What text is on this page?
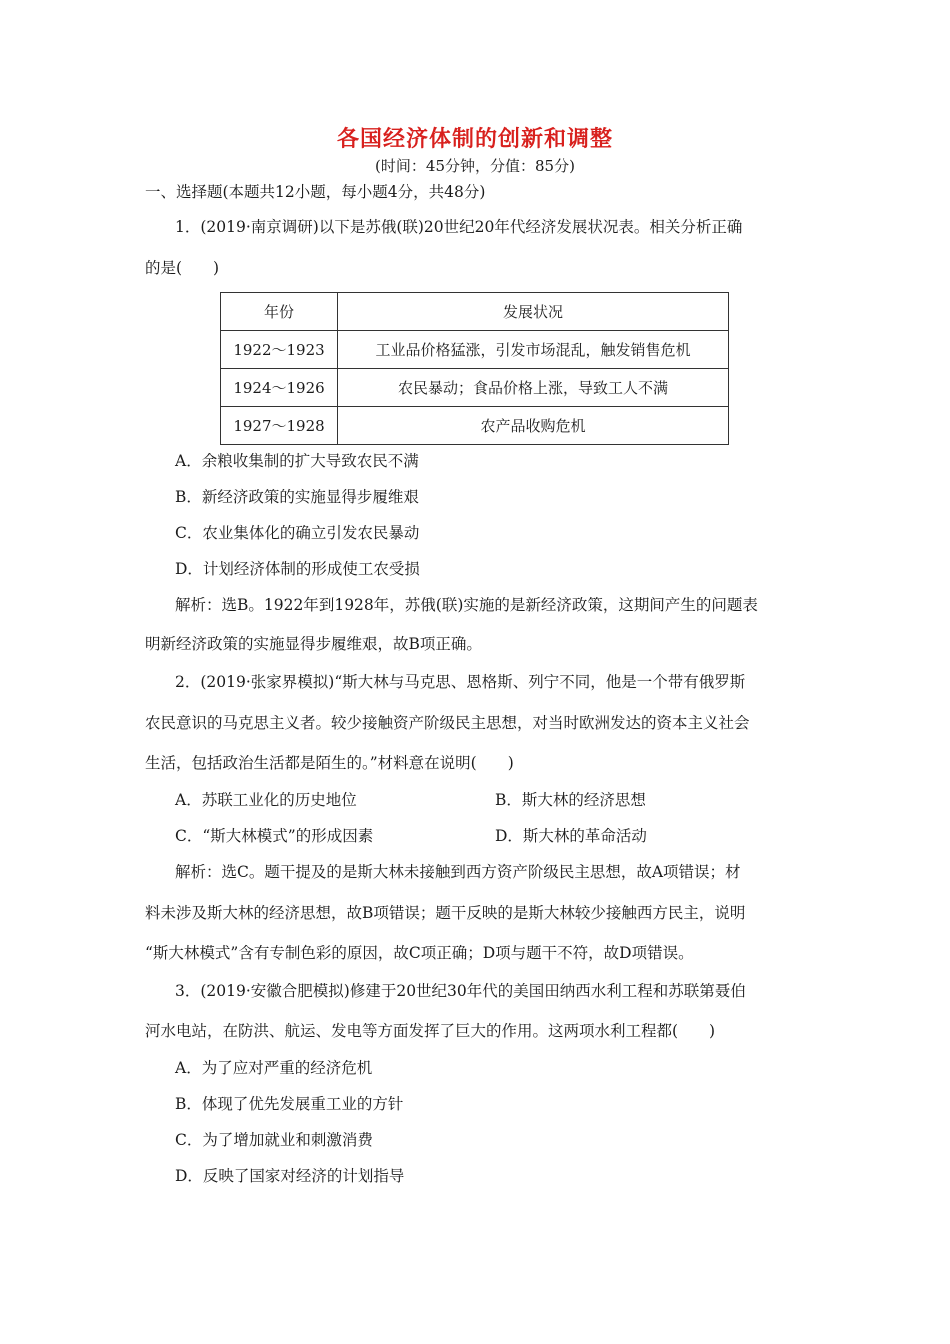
各国经济体制的创新和调整
(时间：45分钟，分值：85分)
一、选择题(本题共12小题，每小题4分，共48分)
1．(2019·南京调研)以下是苏俄(联)20世纪20年代经济发展状况表。相关分析正确
的是(　　)
年份	发展状况
1922～1923	工业品价格猛涨，引发市场混乱，触发销售危机
1924～1926	农民暴动；食品价格上涨，导致工人不满
1927～1928	农产品收购危机
A．余粮收集制的扩大导致农民不满
B．新经济政策的实施显得步履维艰
C．农业集体化的确立引发农民暴动
D．计划经济体制的形成使工农受损
解析：选B。1922年到1928年，苏俄(联)实施的是新经济政策，这期间产生的问题表
明新经济政策的实施显得步履维艰，故B项正确。
2．(2019·张家界模拟)“斯大林与马克思、恩格斯、列宁不同，他是一个带有俄罗斯
农民意识的马克思主义者。较少接触资产阶级民主思想，对当时欧洲发达的资本主义社会
生活，包括政治生活都是陌生的。”材料意在说明(　　)
A．苏联工业化的历史地位	B．斯大林的经济思想
C．“斯大林模式”的形成因素	D．斯大林的革命活动
解析：选C。题干提及的是斯大林未接触到西方资产阶级民主思想，故A项错误；材
料未涉及斯大林的经济思想，故B项错误；题干反映的是斯大林较少接触西方民主，说明
“斯大林模式”含有专制色彩的原因，故C项正确；D项与题干不符，故D项错误。
3．(2019·安徽合肥模拟)修建于20世纪30年代的美国田纳西水利工程和苏联第聂伯
河水电站，在防洪、航运、发电等方面发挥了巨大的作用。这两项水利工程都(　　)
A．为了应对严重的经济危机
B．体现了优先发展重工业的方针
C．为了增加就业和刺激消费
D．反映了国家对经济的计划指导
